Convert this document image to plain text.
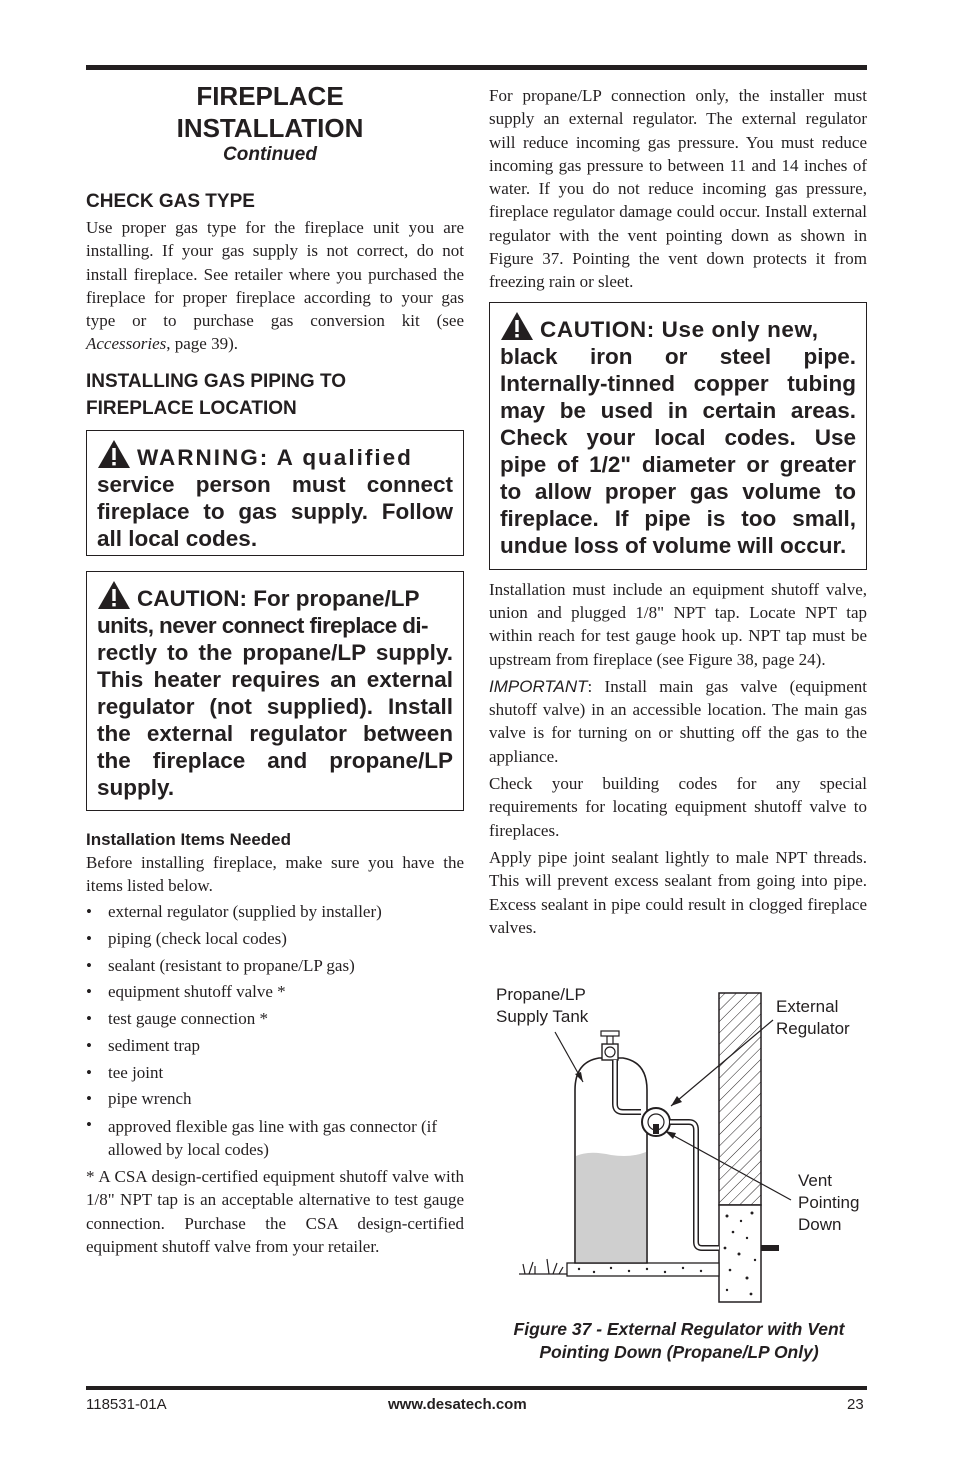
FIREPLACE
INSTALLATION
Continued
CHECK GAS TYPE

Use proper gas type for the fireplace unit you are installing. If your gas supply is not correct, do not install fireplace. See retailer where you purchased the fireplace for proper fireplace according to your gas type or to purchase gas conversion kit (see Accessories, page 39).

INSTALLING GAS PIPING TO
FIREPLACE LOCATION
WARNING: A qualified
service person must connect fireplace to gas supply. Follow all local codes.
CAUTION: For propane/LP
units, never connect fireplace di-
rectly to the propane/LP supply. This heater requires an external regulator (not supplied). Install the external regulator between the fireplace and propane/LP supply.
Installation Items Needed

Before installing fireplace, make sure you have the items listed below.

• external regulator (supplied by installer)
• piping (check local codes)
• sealant (resistant to propane/LP gas)
• equipment shutoff valve *
• test gauge connection *
• sediment trap
• tee joint
• pipe wrench
• approved flexible gas line with gas connector (if allowed by local codes)

* A CSA design-certified equipment shutoff valve with 1/8" NPT tap is an acceptable alternative to test gauge connection. Purchase the CSA design-certified equipment shutoff valve from your retailer.

For propane/LP connection only, the installer must supply an external regulator. The external regulator will reduce incoming gas pressure. You must reduce incoming gas pressure to between 11 and 14 inches of water. If you do not reduce incoming gas pressure, fireplace regulator damage could occur. Install external regulator with the vent pointing down as shown in Figure 37. Pointing the vent down protects it from freezing rain or sleet.

CAUTION: Use only new,
black iron or steel pipe. Internally-tinned copper tubing may be used in certain areas. Check your local codes. Use pipe of 1/2" diameter or greater to allow proper gas volume to fireplace. If pipe is too small, undue loss of volume will occur.

Installation must include an equipment shutoff valve, union and plugged 1/8" NPT tap. Locate NPT tap within reach for test gauge hook up. NPT tap must be upstream from fireplace (see Figure 38, page 24).

IMPORTANT: Install main gas valve (equipment shutoff valve) in an accessible location. The main gas valve is for turning on or shutting off the gas to the appliance.

Check your building codes for any special requirements for locating equipment shutoff valve to fireplaces.

Apply pipe joint sealant lightly to male NPT threads. This will prevent excess sealant from going into pipe. Excess sealant in pipe could result in clogged fireplace valves.

Propane/LP
Supply Tank
External
Regulator
Vent
Pointing
Down
Figure 37 - External Regulator with Vent
Pointing Down (Propane/LP Only)
118531-01A	www.desatech.com	23
